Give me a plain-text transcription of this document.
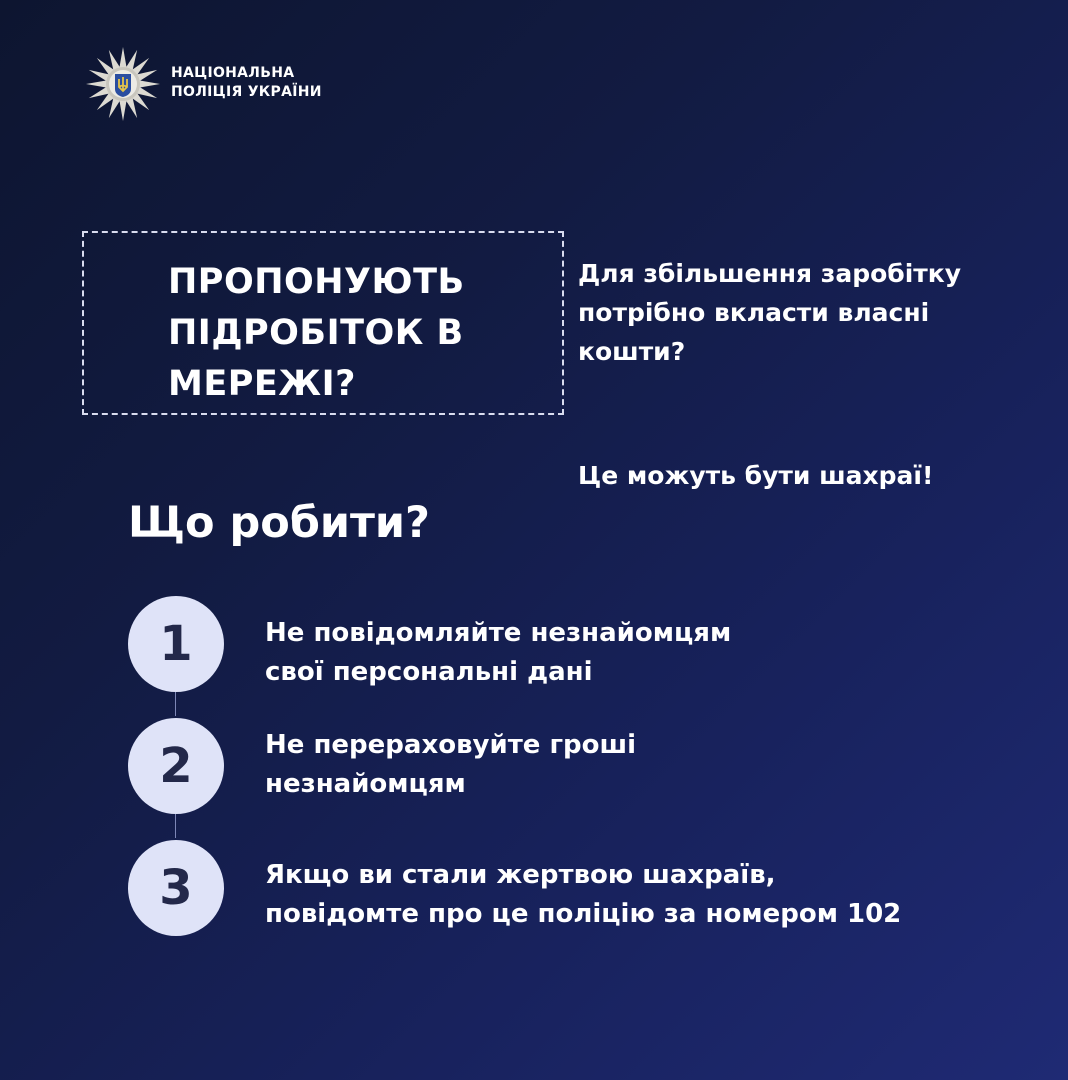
НАЦІОНАЛЬНА
ПОЛІЦІЯ УКРАЇНИ
ПРОПОНУЮТЬ
ПІДРОБІТОК В
МЕРЕЖІ?
Для збільшення заробітку
потрібно вкласти власні
кошти?
Це можуть бути шахраї!
Що робити?
1	Не повідомляйте незнайомцям
свої персональні дані
2	Не перераховуйте гроші
незнайомцям
3	Якщо ви стали жертвою шахраїв,
повідомте про це поліцію за номером 102
